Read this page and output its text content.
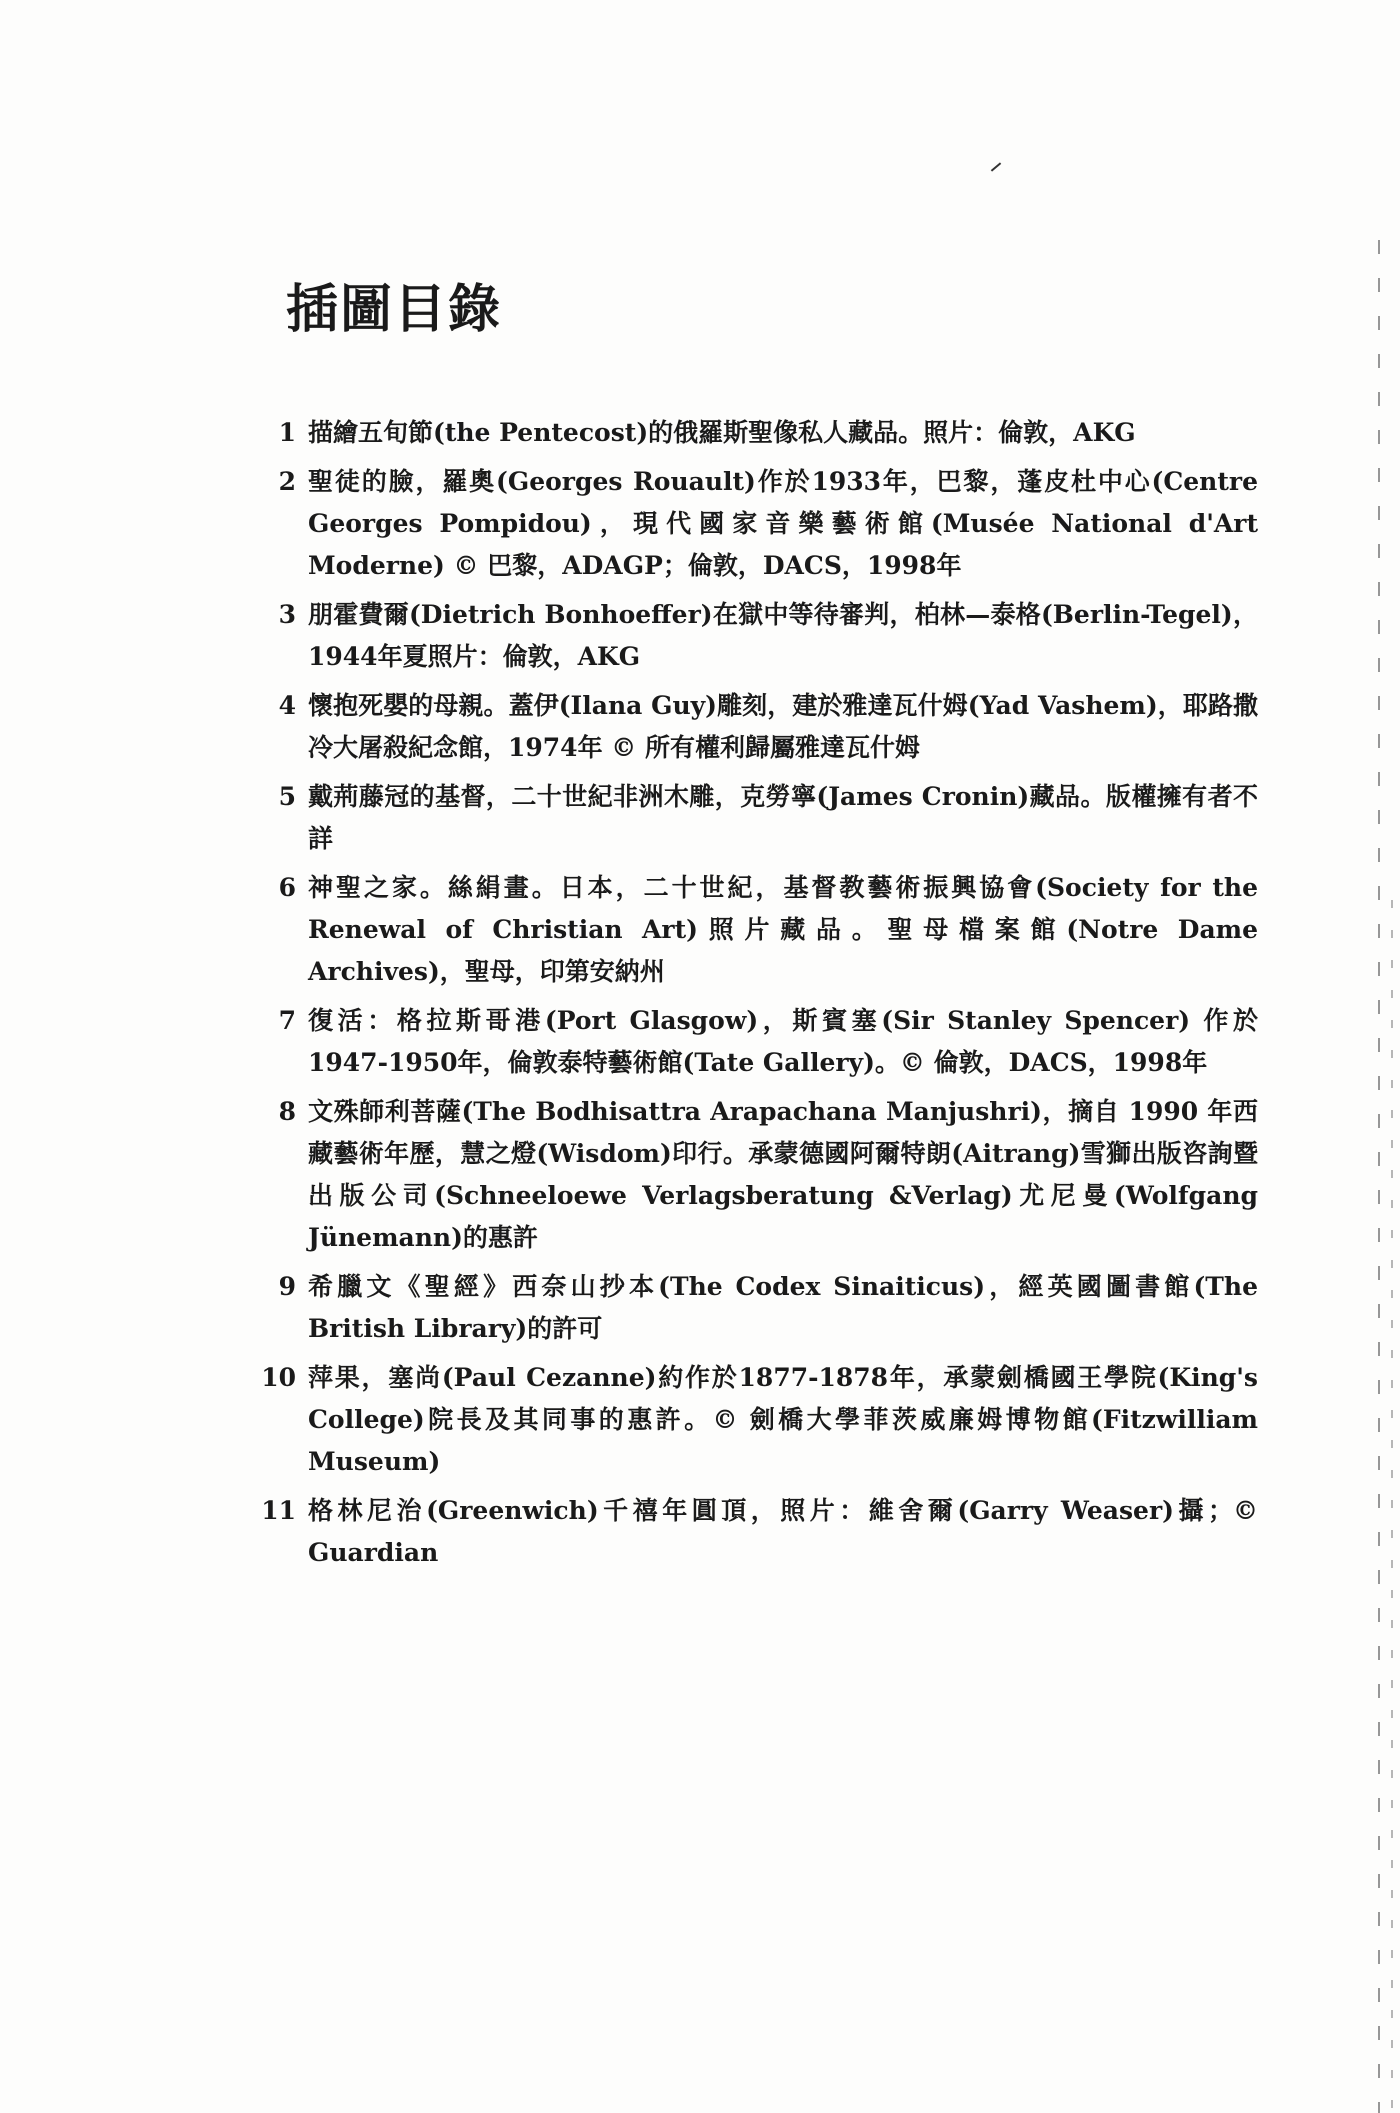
插圖目錄
1 描繪五旬節(the Pentecost)的俄羅斯聖像私人藏品。照片：倫敦，AKG
2 聖徒的臉，羅奧(Georges Rouault)作於1933年，巴黎，蓬皮杜中心(Centre Georges Pompidou)，現代國家音樂藝術館(Musée National d'Art Moderne) © 巴黎，ADAGP；倫敦，DACS，1998年
3 朋霍費爾(Dietrich Bonhoeffer)在獄中等待審判，柏林—泰格(Berlin-Tegel)， 1944年夏照片：倫敦，AKG
4 懷抱死嬰的母親。蓋伊(Ilana Guy)雕刻，建於雅達瓦什姆(Yad Vashem)，耶路撒冷大屠殺紀念館，1974年 © 所有權利歸屬雅達瓦什姆
5 戴荊藤冠的基督，二十世紀非洲木雕，克勞寧(James Cronin)藏品。版權擁有者不詳
6 神聖之家。絲絹畫。日本，二十世紀，基督教藝術振興協會(Society for the Renewal of Christian Art)照片藏品。聖母檔案館(Notre Dame Archives)，聖母，印第安納州
7 復活：格拉斯哥港(Port Glasgow)，斯賓塞(Sir Stanley Spencer) 作於 1947-1950年，倫敦泰特藝術館(Tate Gallery)。© 倫敦，DACS，1998年
8 文殊師利菩薩(The Bodhisattra Arapachana Manjushri)，摘自 1990 年西藏藝術年歷，慧之燈(Wisdom)印行。承蒙德國阿爾特朗(Aitrang)雪獅出版咨詢暨出版公司(Schneeloewe Verlagsberatung &Verlag)尤尼曼(Wolfgang Jünemann)的惠許
9 希臘文《聖經》西奈山抄本(The Codex Sinaiticus)，經英國圖書館(The British Library)的許可
10 萍果，塞尚(Paul Cezanne)約作於1877-1878年，承蒙劍橋國王學院(King's College)院長及其同事的惠許。© 劍橋大學菲茨威廉姆博物館(Fitzwilliam Museum)
11 格林尼治(Greenwich)千禧年圓頂，照片：維舍爾(Garry Weaser)攝；© Guardian
